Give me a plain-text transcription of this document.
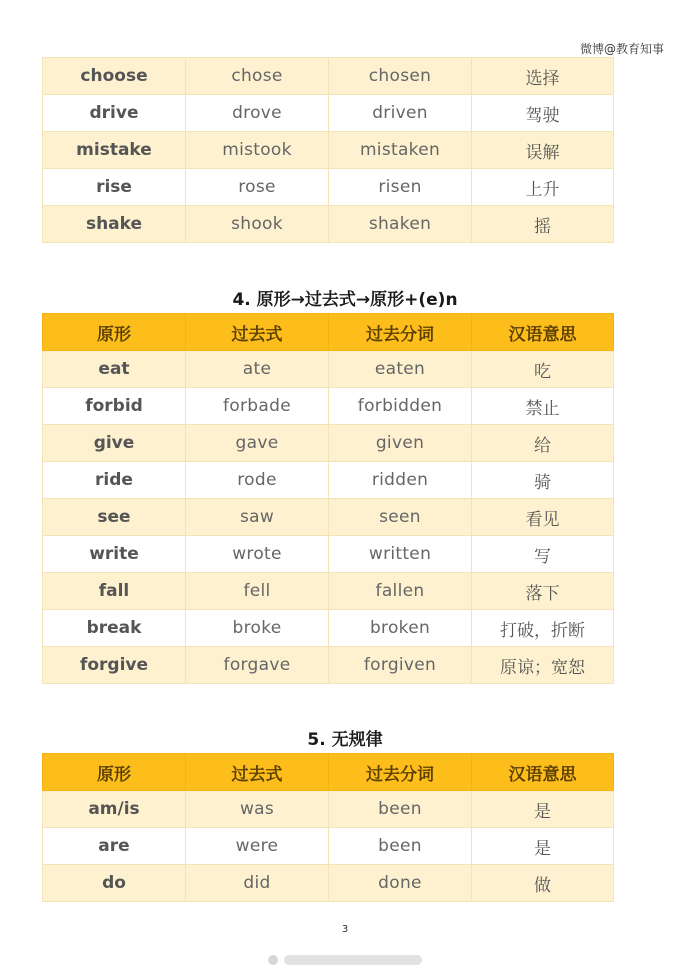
微博@教育知事
choose	chose	chosen	选择
drive	drove	driven	驾驶
mistake	mistook	mistaken	误解
rise	rose	risen	上升
shake	shook	shaken	摇
4. 原形→过去式→原形+(e)n
原形	过去式	过去分词	汉语意思
eat	ate	eaten	吃
forbid	forbade	forbidden	禁止
give	gave	given	给
ride	rode	ridden	骑
see	saw	seen	看见
write	wrote	written	写
fall	fell	fallen	落下
break	broke	broken	打破，折断
forgive	forgave	forgiven	原谅；宽恕
5. 无规律
原形	过去式	过去分词	汉语意思
am/is	was	been	是
are	were	been	是
do	did	done	做
3
